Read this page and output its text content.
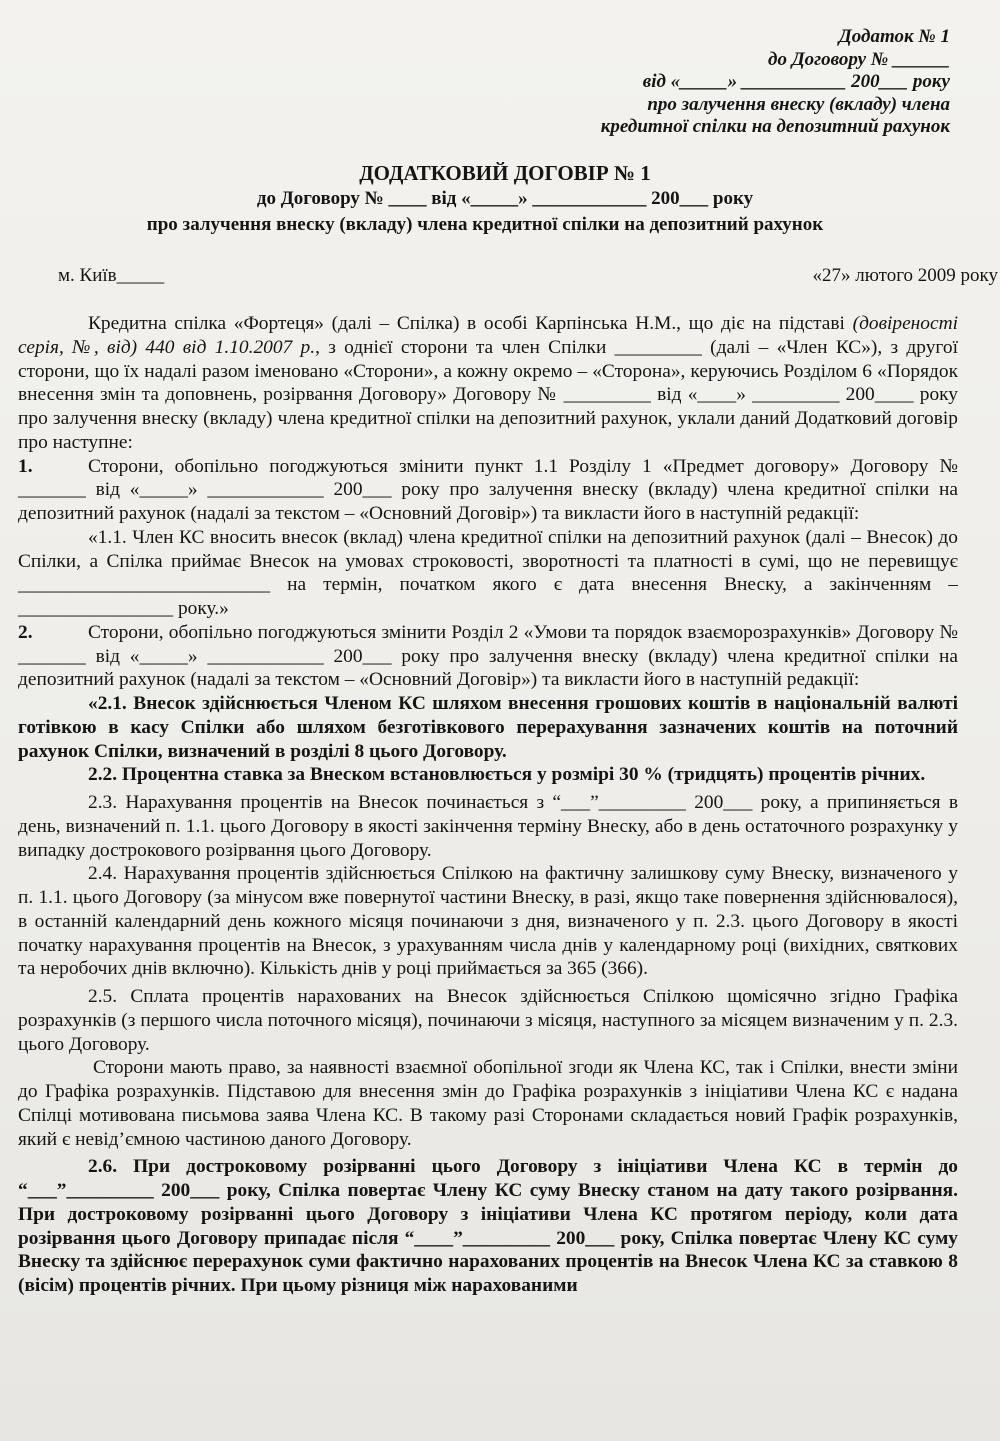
Додаток № 1
до Договору № ______
від «_____» ___________ 200___ року
про залучення внеску (вкладу) члена
кредитної спілки на депозитний рахунок
ДОДАТКОВИЙ ДОГОВІР № 1
до Договору № ____ від «_____» ____________ 200___ року
про залучення внеску (вкладу) члена кредитної спілки на депозитний рахунок
м. Київ_____	«27» лютого 2009 року

Кредитна спілка «Фортеця» (далі – Спілка) в особі Карпінська Н.М., що діє на підставі (довіреності серія, №, від) 440 від 1.10.2007 р., з однієї сторони та член Спілки _________ (далі – «Член КС»), з другої сторони, що їх надалі разом іменовано «Сторони», а кожну окремо – «Сторона», керуючись Розділом 6 «Порядок внесення змін та доповнень, розірвання Договору» Договору № _________ від «____» _________ 200____ року про залучення внеску (вкладу) члена кредитної спілки на депозитний рахунок, уклали даний Додатковий договір про наступне:

1.	Сторони, обопільно погоджуються змінити пункт 1.1 Розділу 1 «Предмет договору» Договору № _______ від «_____» ____________ 200___ року про залучення внеску (вкладу) члена кредитної спілки на депозитний рахунок (надалі за текстом – «Основний Договір») та викласти його в наступній редакції:

«1.1. Член КС вносить внесок (вклад) члена кредитної спілки на депозитний рахунок (далі – Внесок) до Спілки, а Спілка приймає Внесок на умовах строковості, зворотності та платності в сумі, що не перевищує __________________________ на термін, початком якого є дата внесення Внеску, а закінченням – ________________ року.»

2.	Сторони, обопільно погоджуються змінити Розділ 2 «Умови та порядок взаєморозрахунків» Договору № _______ від «_____» ____________ 200___ року про залучення внеску (вкладу) члена кредитної спілки на депозитний рахунок (надалі за текстом – «Основний Договір») та викласти його в наступній редакції:

«2.1. Внесок здійснюється Членом КС шляхом внесення грошових коштів в національній валюті готівкою в касу Спілки або шляхом безготівкового перерахування зазначених коштів на поточний рахунок Спілки, визначений в розділі 8 цього Договору.

2.2. Процентна ставка за Внеском встановлюється у розмірі 30 % (тридцять) процентів річних.

2.3. Нарахування процентів на Внесок починається з “___”_________ 200___ року, а припиняється в день, визначений п. 1.1. цього Договору в якості закінчення терміну Внеску, або в день остаточного розрахунку у випадку дострокового розірвання цього Договору.

2.4. Нарахування процентів здійснюється Спілкою на фактичну залишкову суму Внеску, визначеного у п. 1.1. цього Договору (за мінусом вже повернутої частини Внеску, в разі, якщо таке повернення здійснювалося), в останній календарний день кожного місяця починаючи з дня, визначеного у п. 2.3. цього Договору в якості початку нарахування процентів на Внесок, з урахуванням числа днів у календарному році (вихідних, святкових та неробочих днів включно). Кількість днів у році приймається за 365 (366).

2.5. Сплата процентів нарахованих на Внесок здійснюється Спілкою щомісячно згідно Графіка розрахунків (з першого числа поточного місяця), починаючи з місяця, наступного за місяцем визначеним у п. 2.3. цього Договору.

Сторони мають право, за наявності взаємної обопільної згоди як Члена КС, так і Спілки, внести зміни до Графіка розрахунків. Підставою для внесення змін до Графіка розрахунків з ініціативи Члена КС є надана Спілці мотивована письмова заява Члена КС. В такому разі Сторонами складається новий Графік розрахунків, який є невід’ємною частиною даного Договору.

2.6. При достроковому розірванні цього Договору з ініціативи Члена КС в термін до “___”_________ 200___ року, Спілка повертає Члену КС суму Внеску станом на дату такого розірвання. При достроковому розірванні цього Договору з ініціативи Члена КС протягом періоду, коли дата розірвання цього Договору припадає після “____”_________ 200___ року, Спілка повертає Члену КС суму Внеску та здійснює перерахунок суми фактично нарахованих процентів на Внесок Члена КС за ставкою 8 (вісім) процентів річних. При цьому різниця між нарахованими
